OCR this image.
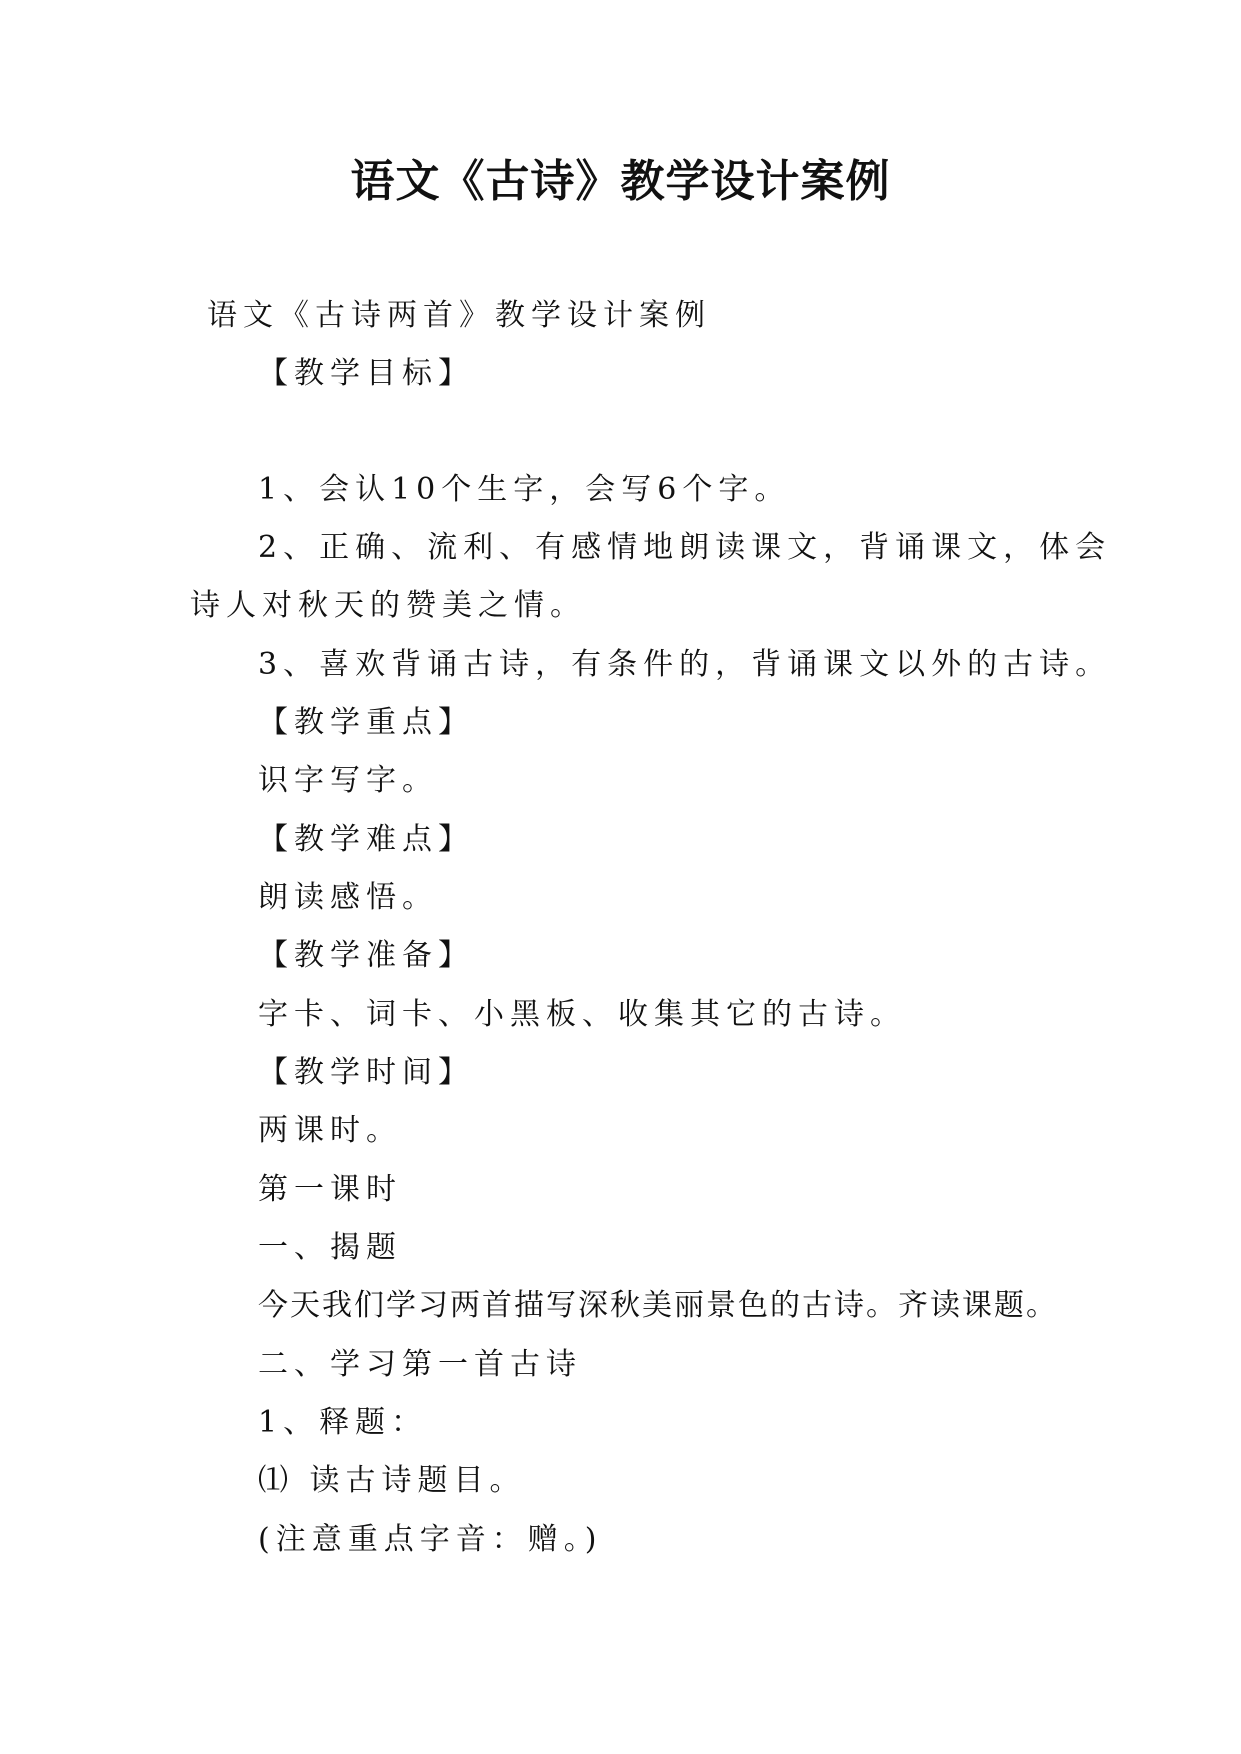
语文《古诗》教学设计案例
语文《古诗两首》教学设计案例
【教学目标】
1、会认10个生字，会写6个字。
2、正确、流利、有感情地朗读课文，背诵课文，体会
诗人对秋天的赞美之情。
3、喜欢背诵古诗，有条件的，背诵课文以外的古诗。
【教学重点】
识字写字。
【教学难点】
朗读感悟。
【教学准备】
字卡、词卡、小黑板、收集其它的古诗。
【教学时间】
两课时。
第一课时
一、揭题
今天我们学习两首描写深秋美丽景色的古诗。齐读课题。
二、学习第一首古诗
1、释题：
⑴ 读古诗题目。
(注意重点字音：赠。)
